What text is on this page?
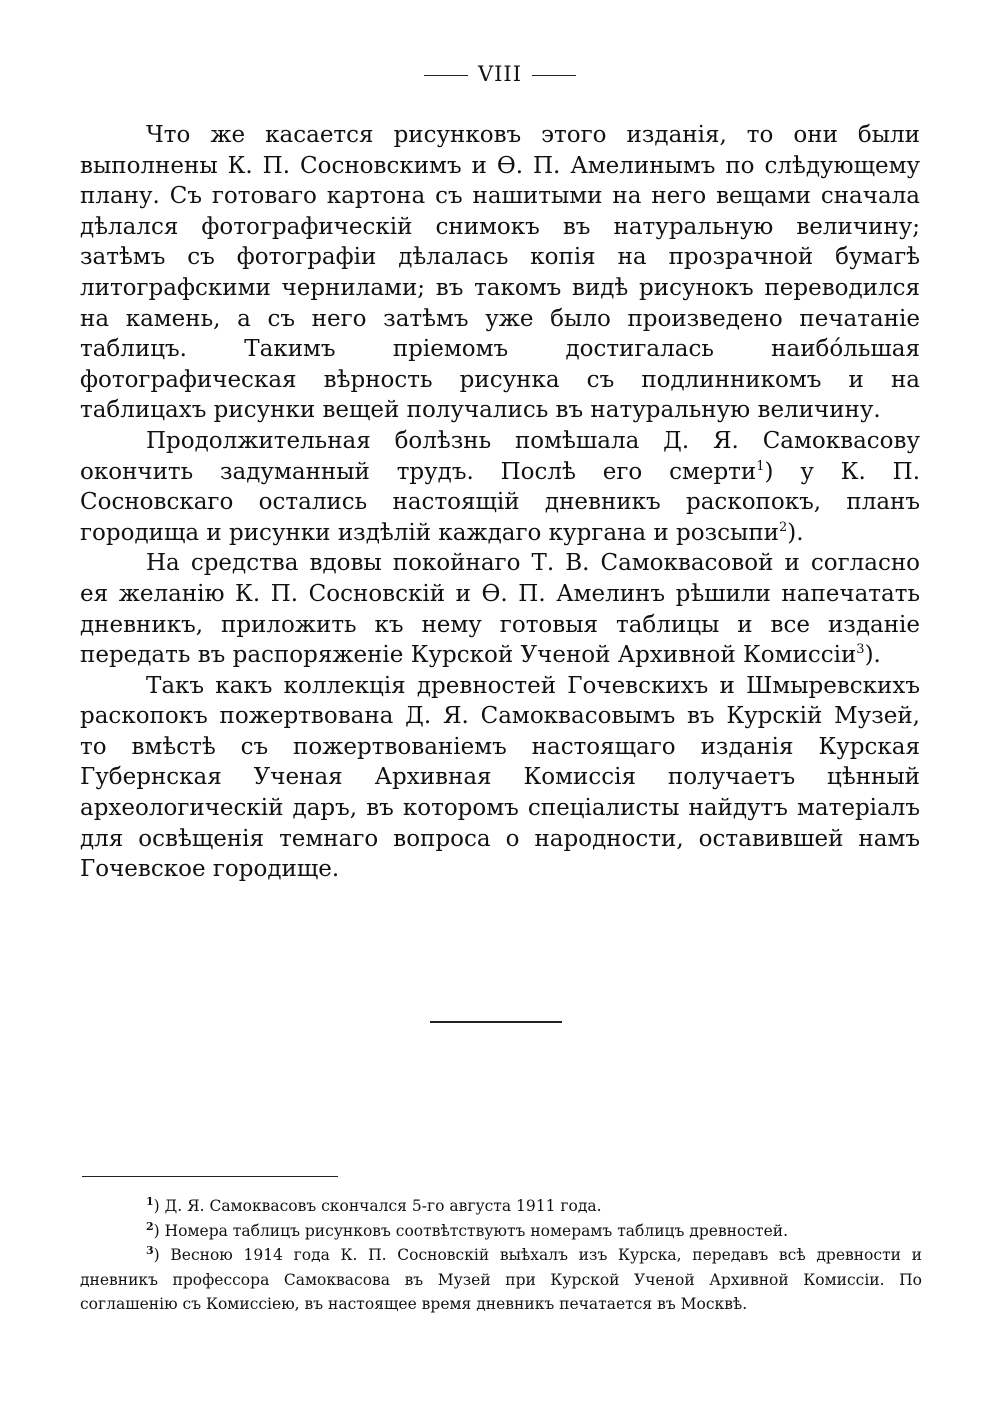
VIII

Что же касается рисунковъ этого изданія, то они были выполнены К. П. Сосновскимъ и Ѳ. П. Амелинымъ по слѣдующему плану. Съ готоваго картона съ нашитыми на него вещами сначала дѣлался фотографическій снимокъ въ натуральную величину; затѣмъ съ фотографіи дѣлалась копія на прозрачной бумагѣ литографскими чернилами; въ такомъ видѣ рисунокъ переводился на камень, а съ него затѣмъ уже было произведено печатаніе таблицъ. Такимъ пріемомъ достигалась наибо́льшая фотографическая вѣрность рисунка съ подлинникомъ и на таблицахъ рисунки вещей получались въ натуральную величину.

Продолжительная болѣзнь помѣшала Д. Я. Самоквасову окончить задуманный трудъ. Послѣ его смерти$^1$) у К. П. Сосновскаго остались настоящій дневникъ раскопокъ, планъ городища и рисунки издѣлій каждаго кургана и розсыпи$^2$).

На средства вдовы покойнаго Т. В. Самоквасовой и согласно ея желанію К. П. Сосновскій и Ѳ. П. Амелинъ рѣшили напечатать дневникъ, приложить къ нему готовыя таблицы и все изданіе передать въ распоряженіе Курской Ученой Архивной Комиссіи$^3$).

Такъ какъ коллекція древностей Гочевскихъ и Шмыревскихъ раскопокъ пожертвована Д. Я. Самоквасовымъ въ Курскій Музей, то вмѣстѣ съ пожертвованіемъ настоящаго изданія Курская Губернская Ученая Архивная Комиссія получаетъ цѣнный археологическій даръ, въ которомъ спеціалисты найдутъ матеріалъ для освѣщенія темнаго вопроса о народности, оставившей намъ Гочевское городище.

$^1$) Д. Я. Самоквасовъ скончался 5-го августа 1911 года.

$^2$) Номера таблицъ рисунковъ соотвѣтствуютъ номерамъ таблицъ древностей.

$^3$) Весною 1914 года К. П. Сосновскій выѣхалъ изъ Курска, передавъ всѣ древности и дневникъ профессора Самоквасова въ Музей при Курской Ученой Архивной Комиссіи. По соглашенію съ Комиссіею, въ настоящее время дневникъ печатается въ Москвѣ.
